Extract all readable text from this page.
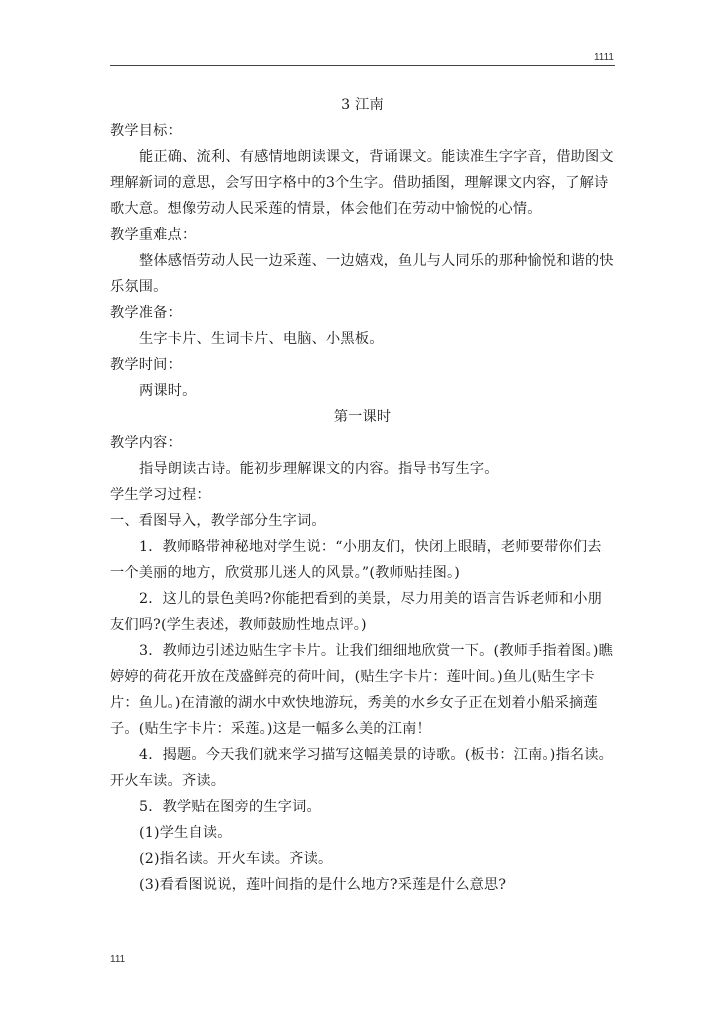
1111

3 江南

教学目标：

能正确、流利、有感情地朗读课文，背诵课文。能读准生字字音，借助图文理解新词的意思，会写田字格中的3个生字。借助插图，理解课文内容，了解诗歌大意。想像劳动人民采莲的情景，体会他们在劳动中愉悦的心情。

教学重难点：

整体感悟劳动人民一边采莲、一边嬉戏，鱼儿与人同乐的那种愉悦和谐的快乐氛围。

教学准备：

生字卡片、生词卡片、电脑、小黑板。

教学时间：

两课时。

第一课时

教学内容：

指导朗读古诗。能初步理解课文的内容。指导书写生字。

学生学习过程：

一、看图导入，教学部分生字词。

1．教师略带神秘地对学生说：“小朋友们，快闭上眼睛，老师要带你们去一个美丽的地方，欣赏那儿迷人的风景。”(教师贴挂图。)

2．这儿的景色美吗?你能把看到的美景，尽力用美的语言告诉老师和小朋友们吗?(学生表述，教师鼓励性地点评。)

3．教师边引述边贴生字卡片。让我们细细地欣赏一下。(教师手指着图。)瞧婷婷的荷花开放在茂盛鲜亮的荷叶间，(贴生字卡片：莲叶间。)鱼儿(贴生字卡片：鱼儿。)在清澈的湖水中欢快地游玩，秀美的水乡女子正在划着小船采摘莲子。(贴生字卡片：采莲。)这是一幅多么美的江南！

4．揭题。今天我们就来学习描写这幅美景的诗歌。(板书：江南。)指名读。开火车读。齐读。

5．教学贴在图旁的生字词。

(1)学生自读。

(2)指名读。开火车读。齐读。

(3)看看图说说，莲叶间指的是什么地方?采莲是什么意思?

111
